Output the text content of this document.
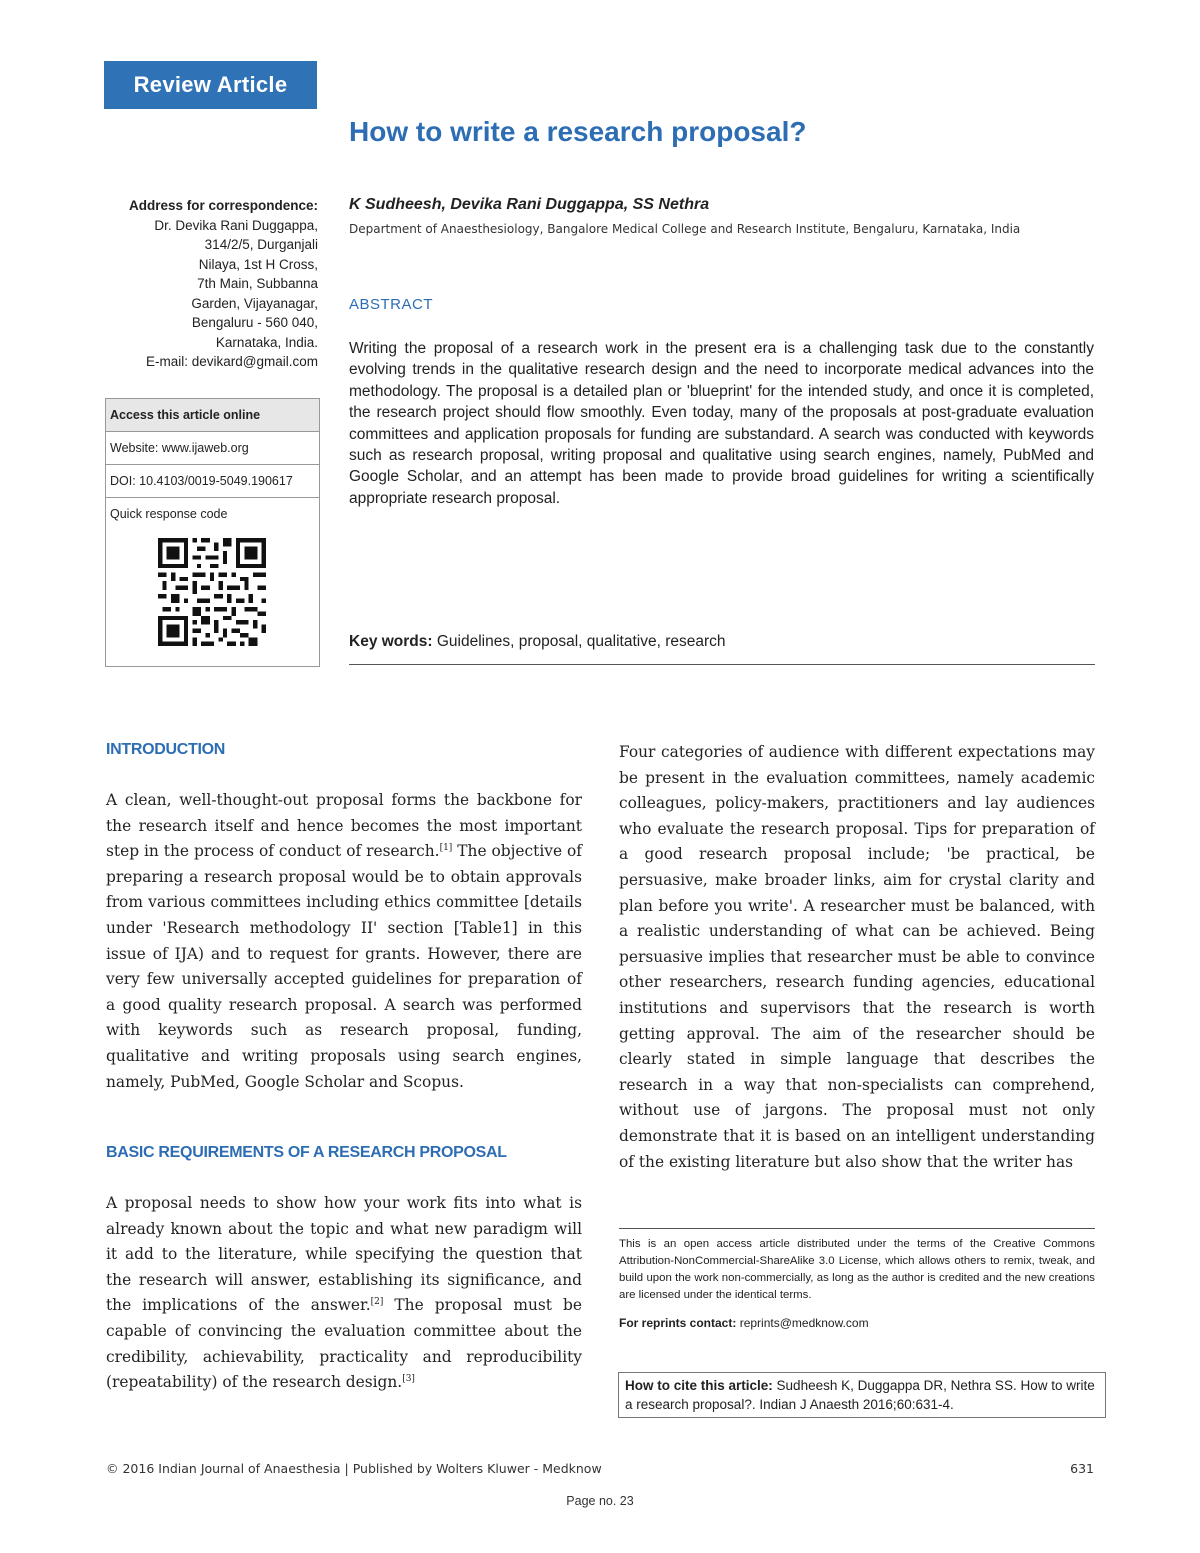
Review Article
How to write a research proposal?
Address for correspondence:
Dr. Devika Rani Duggappa,
314/2/5, Durganjali
Nilaya, 1st H Cross,
7th Main, Subbanna
Garden, Vijayanagar,
Bengaluru - 560 040,
Karnataka, India.
E-mail: devikard@gmail.com
Access this article online
Website: www.ijaweb.org
DOI: 10.4103/0019-5049.190617
Quick response code
K Sudheesh, Devika Rani Duggappa, SS Nethra
Department of Anaesthesiology, Bangalore Medical College and Research Institute, Bengaluru, Karnataka, India
ABSTRACT
Writing the proposal of a research work in the present era is a challenging task due to the constantly evolving trends in the qualitative research design and the need to incorporate medical advances into the methodology. The proposal is a detailed plan or 'blueprint' for the intended study, and once it is completed, the research project should flow smoothly. Even today, many of the proposals at post-graduate evaluation committees and application proposals for funding are substandard. A search was conducted with keywords such as research proposal, writing proposal and qualitative using search engines, namely, PubMed and Google Scholar, and an attempt has been made to provide broad guidelines for writing a scientifically appropriate research proposal.
Key words: Guidelines, proposal, qualitative, research
INTRODUCTION
A clean, well-thought-out proposal forms the backbone for the research itself and hence becomes the most important step in the process of conduct of research.[1] The objective of preparing a research proposal would be to obtain approvals from various committees including ethics committee [details under 'Research methodology II' section [Table1] in this issue of IJA) and to request for grants. However, there are very few universally accepted guidelines for preparation of a good quality research proposal. A search was performed with keywords such as research proposal, funding, qualitative and writing proposals using search engines, namely, PubMed, Google Scholar and Scopus.
BASIC REQUIREMENTS OF A RESEARCH PROPOSAL
A proposal needs to show how your work fits into what is already known about the topic and what new paradigm will it add to the literature, while specifying the question that the research will answer, establishing its significance, and the implications of the answer.[2] The proposal must be capable of convincing the evaluation committee about the credibility, achievability, practicality and reproducibility (repeatability) of the research design.[3]
Four categories of audience with different expectations may be present in the evaluation committees, namely academic colleagues, policy-makers, practitioners and lay audiences who evaluate the research proposal. Tips for preparation of a good research proposal include; 'be practical, be persuasive, make broader links, aim for crystal clarity and plan before you write'. A researcher must be balanced, with a realistic understanding of what can be achieved. Being persuasive implies that researcher must be able to convince other researchers, research funding agencies, educational institutions and supervisors that the research is worth getting approval. The aim of the researcher should be clearly stated in simple language that describes the research in a way that non-specialists can comprehend, without use of jargons. The proposal must not only demonstrate that it is based on an intelligent understanding of the existing literature but also show that the writer has
This is an open access article distributed under the terms of the Creative Commons Attribution-NonCommercial-ShareAlike 3.0 License, which allows others to remix, tweak, and build upon the work non-commercially, as long as the author is credited and the new creations are licensed under the identical terms.
For reprints contact: reprints@medknow.com
How to cite this article: Sudheesh K, Duggappa DR, Nethra SS. How to write a research proposal?. Indian J Anaesth 2016;60:631-4.
© 2016 Indian Journal of Anaesthesia | Published by Wolters Kluwer - Medknow	631
Page no. 23
